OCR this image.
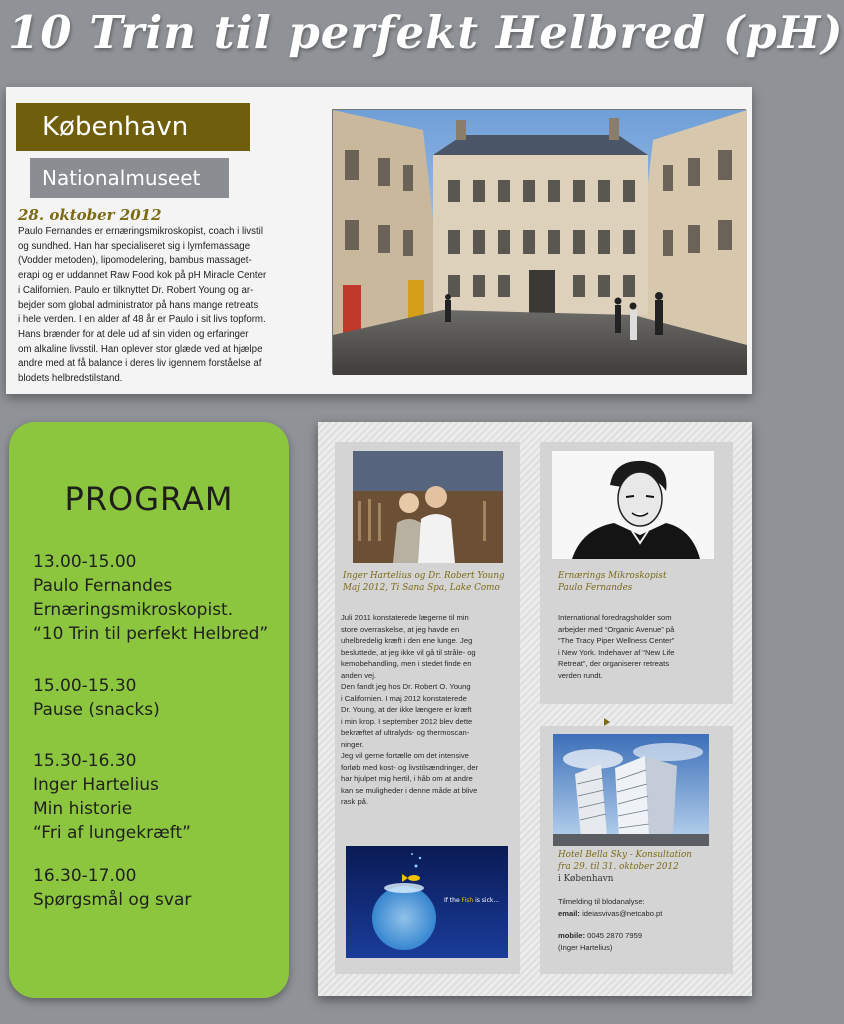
10 Trin til perfekt Helbred (pH)
København
Nationalmuseet
28. oktober 2012
Paulo Fernandes er ernæringsmikroskopist, coach i livstil
og sundhed. Han har specialiseret sig i lymfemassage
(Vodder metoden), lipomodelering, bambus massaget-
erapi og er uddannet Raw Food kok på pH Miracle Center
i Californien. Paulo er tilknyttet Dr. Robert Young og ar-
bejder som global administrator på hans mange retreats
i hele verden. I en alder af 48 år er Paulo i sit livs topform.
Hans brænder for at dele ud af sin viden og erfaringer
om alkaline livsstil. Han oplever stor glæde ved at hjælpe
andre med at få balance i deres liv igennem forståelse af
blodets helbredstilstand.
PROGRAM
13.00-15.00
Paulo Fernandes
Ernæringsmikroskopist.
“10 Trin til perfekt Helbred”
15.00-15.30
Pause (snacks)
15.30-16.30
Inger Hartelius
Min historie
“Fri af lungekræft”
16.30-17.00
Spørgsmål og svar
Inger Hartelius og Dr. Robert Young
Maj 2012, Ti Sana Spa, Lake Como
Juli 2011 konstaterede lægerne til min
store overraskelse, at jeg havde en
uhelbredelig kræft i den ene lunge. Jeg
besluttede, at jeg ikke vil gå til stråle- og
kemobehandling, men i stedet finde en
anden vej.
Den fandt jeg hos Dr. Robert O. Young
i Californien. I maj 2012 konstaterede
Dr. Young, at der ikke længere er kræft
i min krop. I september 2012 blev dette
bekræftet af ultralyds- og thermoscan-
ninger.
Jeg vil gerne fortælle om det intensive
forløb med kost- og livstilsændringer, der
har hjulpet mig hertil, i håb om at andre
kan se muligheder i denne måde at blive
rask på.
If the Fish is sick...
Ernærings Mikroskopist
Paulo Fernandes
International foredragsholder som
arbejder med “Organic Avenue” på
“The Tracy Piper Wellness Center”
i New York. Indehaver af “New Life
Retreat”, der organiserer retreats
verden rundt.
Hotel Bella Sky - Konsultation
fra 29. til 31. oktober 2012
i København
Tilmelding til blodanalyse:
email: ideiasvivas@netcabo.pt
mobile: 0045 2870 7959
(Inger Hartelius)
